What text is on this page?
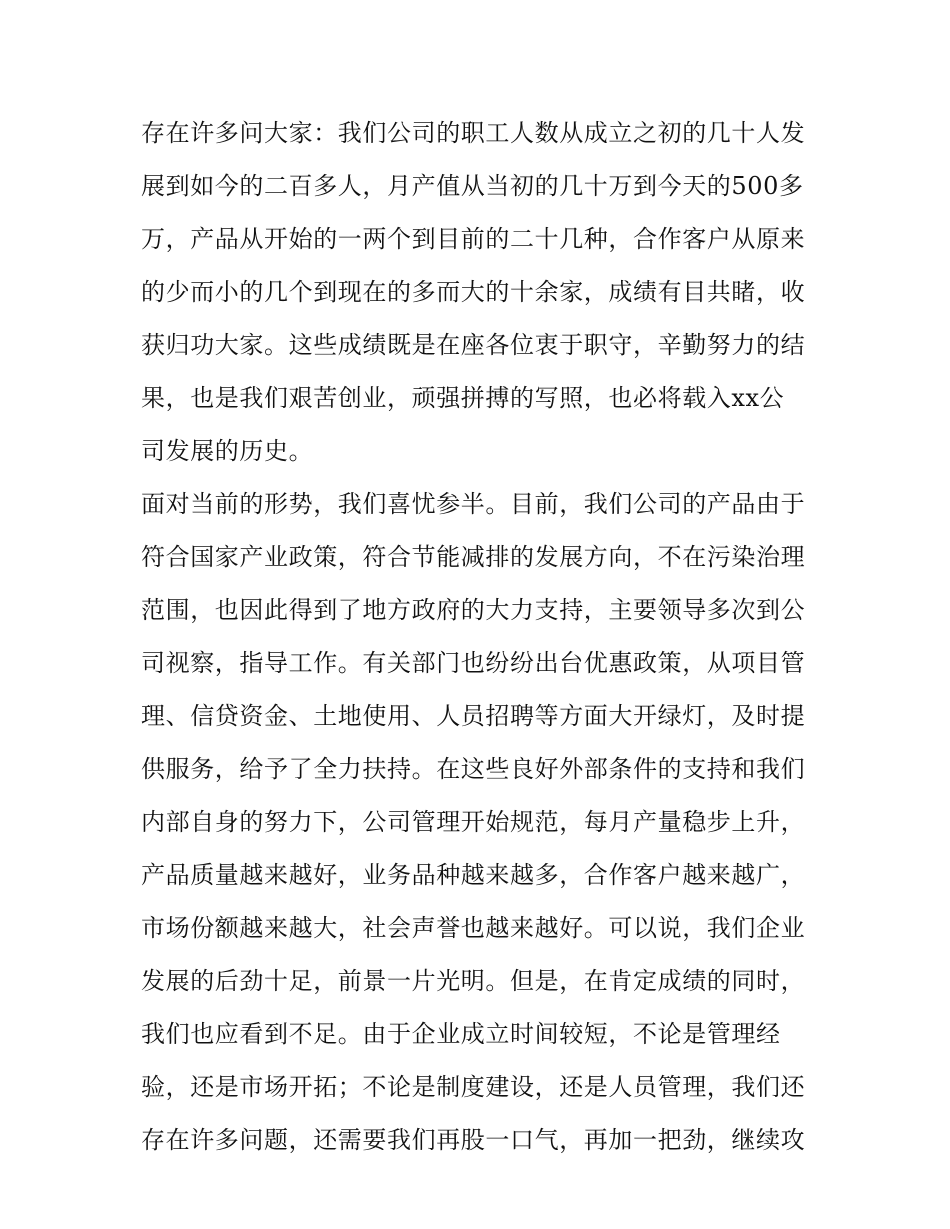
存在许多问大家：我们公司的职工人数从成立之初的几十人发
展到如今的二百多人，月产值从当初的几十万到今天的500多
万，产品从开始的一两个到目前的二十几种，合作客户从原来
的少而小的几个到现在的多而大的十余家，成绩有目共睹，收
获归功大家。这些成绩既是在座各位衷于职守，辛勤努力的结
果，也是我们艰苦创业，顽强拼搏的写照，也必将载入xx公
司发展的历史。
面对当前的形势，我们喜忧参半。目前，我们公司的产品由于
符合国家产业政策，符合节能减排的发展方向，不在污染治理
范围，也因此得到了地方政府的大力支持，主要领导多次到公
司视察，指导工作。有关部门也纷纷出台优惠政策，从项目管
理、信贷资金、土地使用、人员招聘等方面大开绿灯，及时提
供服务，给予了全力扶持。在这些良好外部条件的支持和我们
内部自身的努力下，公司管理开始规范，每月产量稳步上升，
产品质量越来越好，业务品种越来越多，合作客户越来越广，
市场份额越来越大，社会声誉也越来越好。可以说，我们企业
发展的后劲十足，前景一片光明。但是，在肯定成绩的同时，
我们也应看到不足。由于企业成立时间较短，不论是管理经
验，还是市场开拓；不论是制度建设，还是人员管理，我们还
存在许多问题，还需要我们再股一口气，再加一把劲，继续攻
